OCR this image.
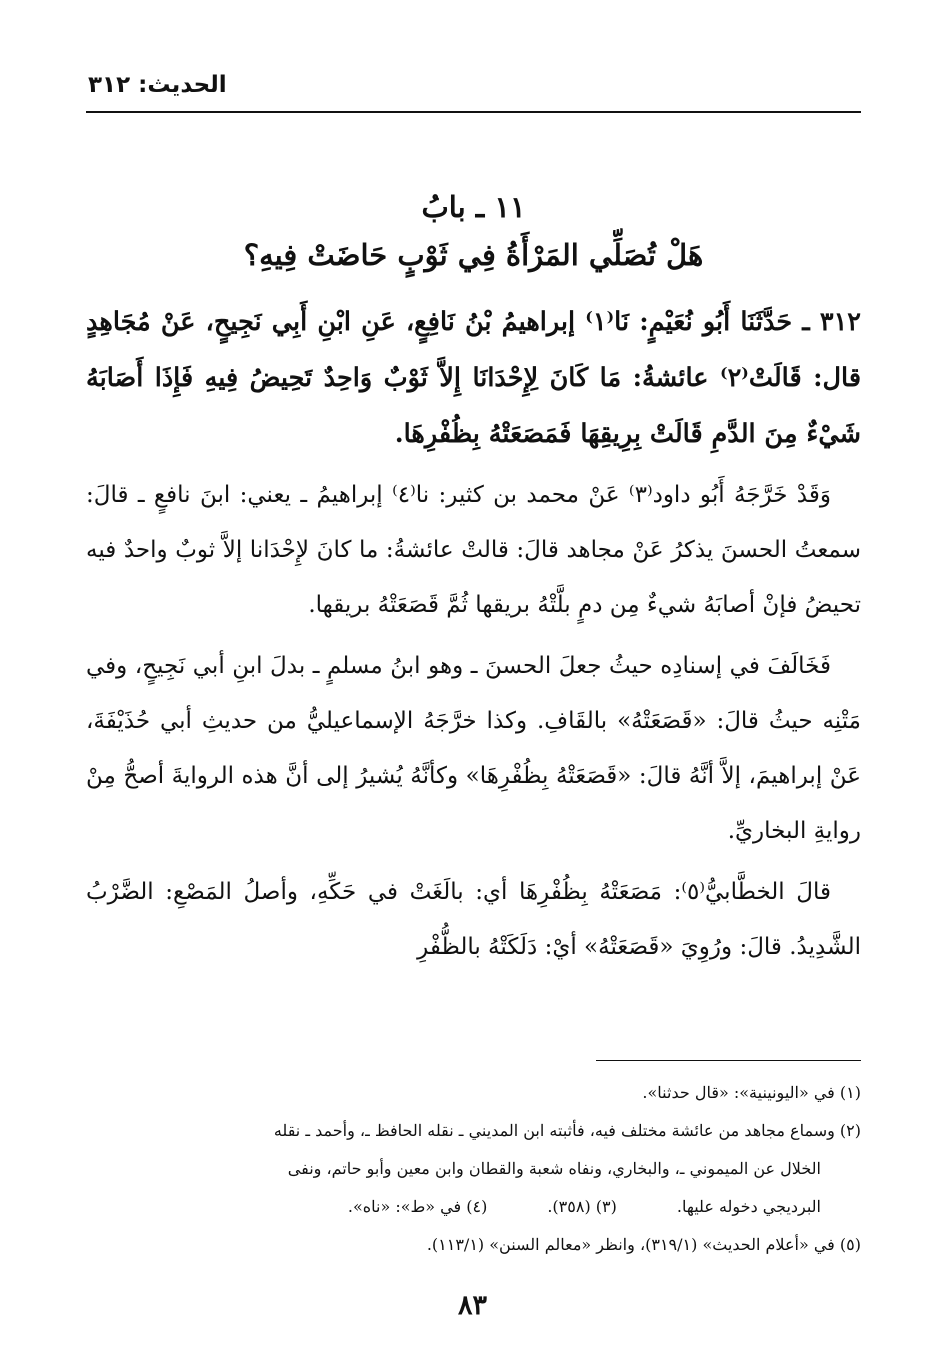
الحديث: ٣١٢
١١ ـ بابُ
هَلْ تُصَلِّي المَرْأَةُ فِي ثَوْبٍ حَاضَتْ فِيهِ؟

٣١٢ ـ حَدَّثَنَا أَبُو نُعَيْمٍ: نَا⁽١⁾ إبراهيمُ بْنُ نَافِعٍ، عَنِ ابْنِ أَبِي نَجِيحٍ، عَنْ مُجَاهِدٍ قال: قَالَتْ⁽٢⁾ عائشةُ: مَا كَانَ لِإِحْدَانَا إِلاَّ ثَوْبٌ وَاحِدٌ تَحِيضُ فِيهِ فَإِذَا أَصَابَهُ شَيْءٌ مِنَ الدَّمِ قَالَتْ بِرِيقِهَا فَمَصَعَتْهُ بِظُفْرِهَا.

وَقَدْ خَرَّجَهُ أَبُو داود⁽٣⁾ عَنْ محمد بن كثير: نا⁽٤⁾ إبراهيمُ ـ يعني: ابنَ نافعٍ ـ قالَ: سمعتُ الحسنَ يذكرُ عَنْ مجاهد قالَ: قالتْ عائشةُ: ما كانَ لإِحْدَانا إلاَّ ثوبٌ واحدٌ فيه تحيضُ فإنْ أصابَهُ شيءٌ مِن دمٍ بلَّتْهُ بريقها ثُمَّ قَصَعَتْهُ بريقها.

فَخَالَفَ في إسنادِه حيثُ جعلَ الحسنَ ـ وهو ابنُ مسلمٍ ـ بدلَ ابنِ أبي نَجِيحٍ، وفي مَتْنِه حيثُ قالَ: «قَصَعَتْهُ» بالقَافِ. وكذا خرَّجَهُ الإسماعيليُّ من حديثِ أبي حُذَيْفَةَ، عَنْ إبراهيمَ، إلاَّ أنَّهُ قالَ: «قَصَعَتْهُ بِظُفْرِهَا» وكأنَّهُ يُشيرُ إلى أنَّ هذه الروايةَ أصحُّ مِنْ روايةِ البخاريِّ.

قالَ الخطَّابيُّ⁽٥⁾: مَصَعَتْهُ بِظُفْرِهَا أي: بالَغَتْ في حَكِّهِ، وأصلُ المَصْعِ: الضَّرْبُ الشَّدِيدُ. قالَ: ورُوِيَ «قَصَعَتْهُ» أيْ: دَلَكَتْهُ بالظُّفْرِ

(١) في «اليونينية»: «قال حدثنا».

(٢) وسماع مجاهد من عائشة مختلف فيه، فأثبته ابن المديني ـ نقله الحافظ ـ، وأحمد ـ نقله

الخلال عن الميموني ـ، والبخاري، ونفاه شعبة والقطان وابن معين وأبو حاتم، ونفى

البرديجي دخوله عليها.(٣) (٣٥٨).(٤) في «ط»: «ناه».

(٥) في «أعلام الحديث» (٣١٩/١)، وانظر «معالم السنن» (١١٣/١).

٨٣
